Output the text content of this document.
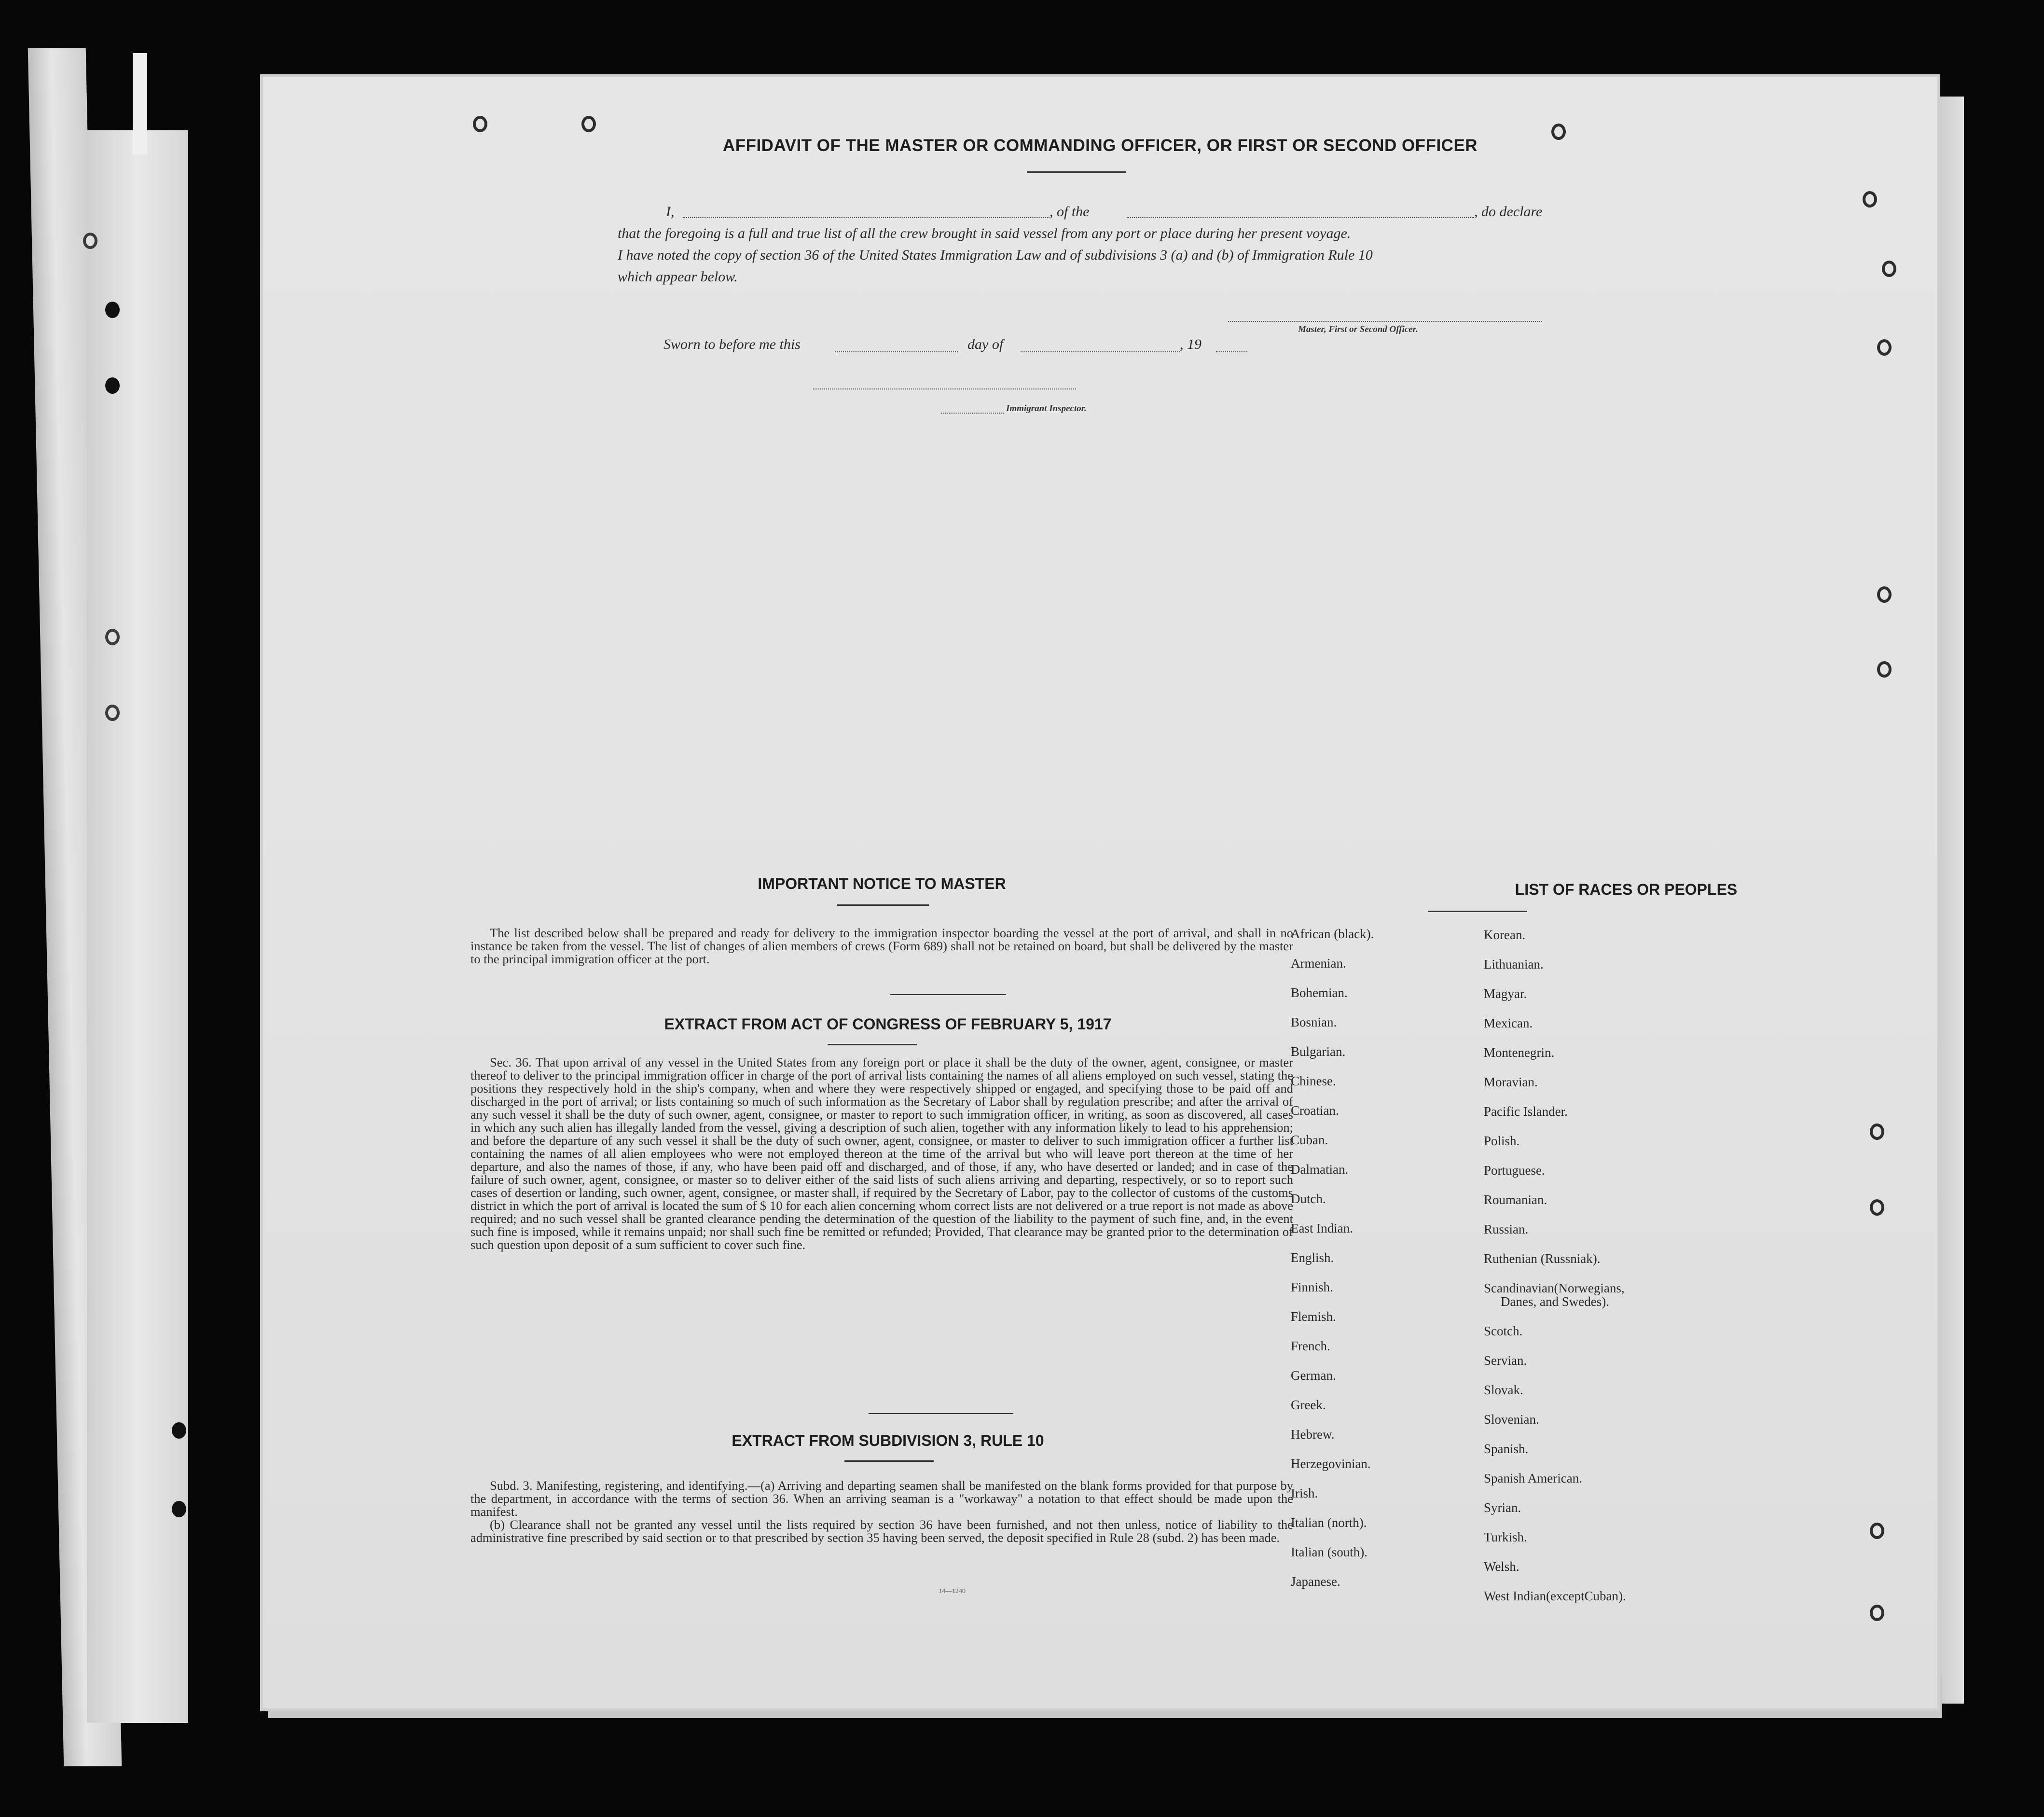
AFFIDAVIT OF THE MASTER OR COMMANDING OFFICER, OR FIRST OR SECOND OFFICER
I,	, of the	, do declare
that the foregoing is a full and true list of all the crew brought in said vessel from any port or place during her present voyage.
I have noted the copy of section 36 of the United States Immigration Law and of subdivisions 3 (a) and (b) of Immigration Rule 10
which appear below.
Master, First or Second Officer.
Sworn to before me this	day of	, 19
Immigrant Inspector.
IMPORTANT NOTICE TO MASTER

The list described below shall be prepared and ready for delivery to the immigration inspector boarding the vessel at the port of arrival, and shall in no instance be taken from the vessel. The list of changes of alien members of crews (Form 689) shall not be retained on board, but shall be delivered by the master to the principal immigration officer at the port.

EXTRACT FROM ACT OF CONGRESS OF FEBRUARY 5, 1917

Sec. 36. That upon arrival of any vessel in the United States from any foreign port or place it shall be the duty of the owner, agent, consignee, or master thereof to deliver to the principal immigration officer in charge of the port of arrival lists containing the names of all aliens employed on such vessel, stating the positions they respectively hold in the ship's company, when and where they were respectively shipped or engaged, and specifying those to be paid off and discharged in the port of arrival; or lists containing so much of such information as the Secretary of Labor shall by regulation prescribe; and after the arrival of any such vessel it shall be the duty of such owner, agent, consignee, or master to report to such immigration officer, in writing, as soon as discovered, all cases in which any such alien has illegally landed from the vessel, giving a description of such alien, together with any information likely to lead to his apprehension; and before the departure of any such vessel it shall be the duty of such owner, agent, consignee, or master to deliver to such immigration officer a further list containing the names of all alien employees who were not employed thereon at the time of the arrival but who will leave port thereon at the time of her departure, and also the names of those, if any, who have been paid off and discharged, and of those, if any, who have deserted or landed; and in case of the failure of such owner, agent, consignee, or master so to deliver either of the said lists of such aliens arriving and departing, respectively, or so to report such cases of desertion or landing, such owner, agent, consignee, or master shall, if required by the Secretary of Labor, pay to the collector of customs of the customs district in which the port of arrival is located the sum of $ 10 for each alien concerning whom correct lists are not delivered or a true report is not made as above required; and no such vessel shall be granted clearance pending the determination of the question of the liability to the payment of such fine, and, in the event such fine is imposed, while it remains unpaid; nor shall such fine be remitted or refunded; Provided, That clearance may be granted prior to the determination of such question upon deposit of a sum sufficient to cover such fine.

EXTRACT FROM SUBDIVISION 3, RULE 10

Subd. 3. Manifesting, registering, and identifying.—(a) Arriving and departing seamen shall be manifested on the blank forms provided for that purpose by the department, in accordance with the terms of section 36. When an arriving seaman is a "workaway" a notation to that effect should be made upon the manifest.

(b) Clearance shall not be granted any vessel until the lists required by section 36 have been furnished, and not then unless, notice of liability to the administrative fine prescribed by said section or to that prescribed by section 35 having been served, the deposit specified in Rule 28 (subd. 2) has been made.

14—1240
LIST OF RACES OR PEOPLES
African (black).
Armenian.
Bohemian.
Bosnian.
Bulgarian.
Chinese.
Croatian.
Cuban.
Dalmatian.
Dutch.
East Indian.
English.
Finnish.
Flemish.
French.
German.
Greek.
Hebrew.
Herzegovinian.
Irish.
Italian (north).
Italian (south).
Japanese.
Korean.
Lithuanian.
Magyar.
Mexican.
Montenegrin.
Moravian.
Pacific Islander.
Polish.
Portuguese.
Roumanian.
Russian.
Ruthenian (Russniak).
Scandinavian(Norwegians,
Danes, and Swedes).
Scotch.
Servian.
Slovak.
Slovenian.
Spanish.
Spanish American.
Syrian.
Turkish.
Welsh.
West Indian(exceptCuban).
